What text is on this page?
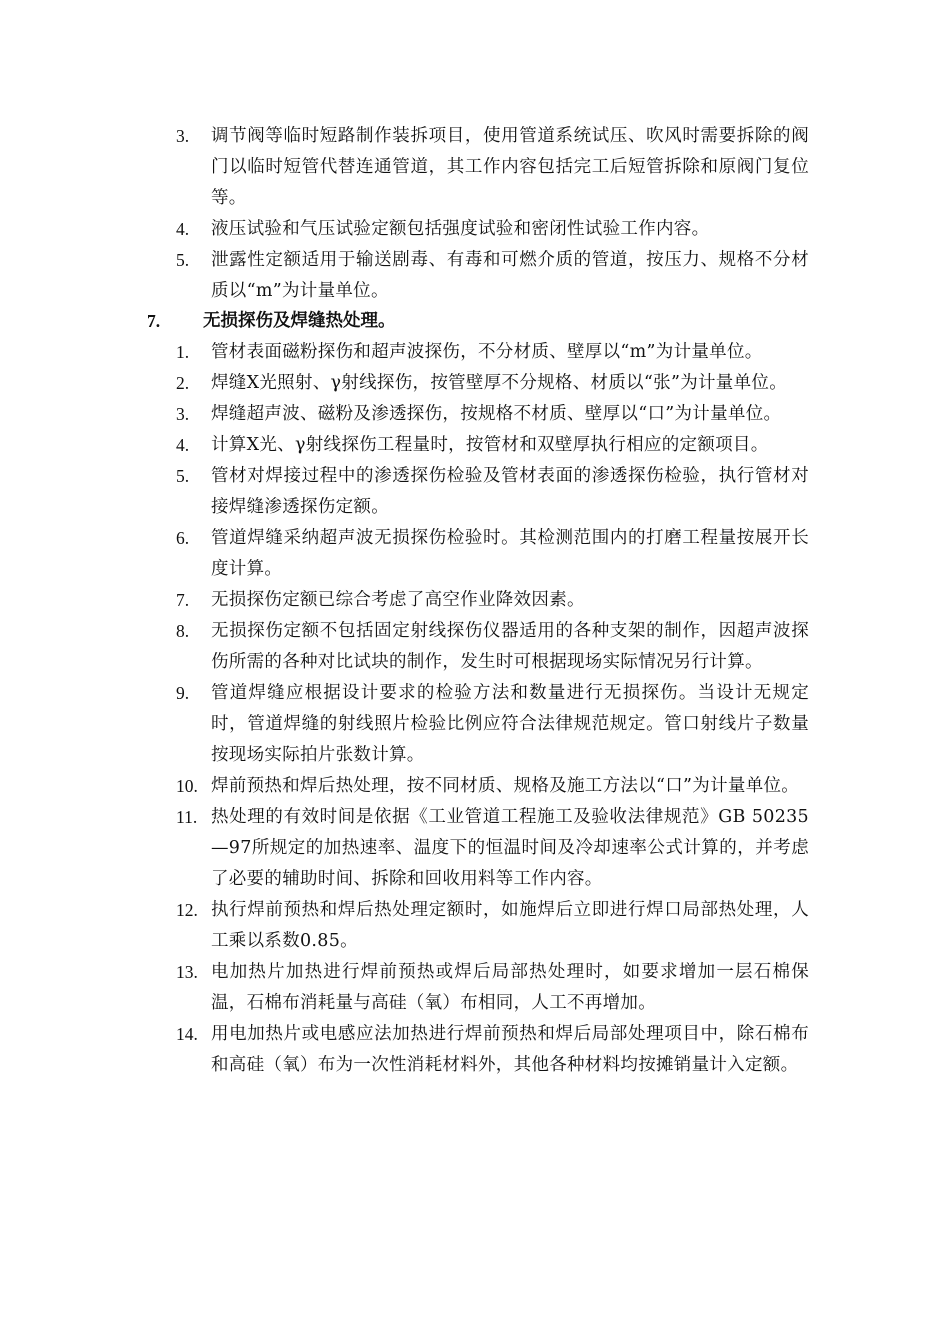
3. 调节阀等临时短路制作装拆项目，使用管道系统试压、吹风时需要拆除的阀门以临时短管代替连通管道，其工作内容包括完工后短管拆除和原阀门复位等。
4. 液压试验和气压试验定额包括强度试验和密闭性试验工作内容。
5. 泄露性定额适用于输送剧毒、有毒和可燃介质的管道，按压力、规格不分材质以“m”为计量单位。
7. 无损探伤及焊缝热处理。
1. 管材表面磁粉探伤和超声波探伤，不分材质、壁厚以“m”为计量单位。
2. 焊缝X光照射、γ射线探伤，按管壁厚不分规格、材质以“张”为计量单位。
3. 焊缝超声波、磁粉及渗透探伤，按规格不材质、壁厚以“口”为计量单位。
4. 计算X光、γ射线探伤工程量时，按管材和双壁厚执行相应的定额项目。
5. 管材对焊接过程中的渗透探伤检验及管材表面的渗透探伤检验，执行管材对接焊缝渗透探伤定额。
6. 管道焊缝采纳超声波无损探伤检验时。其检测范围内的打磨工程量按展开长度计算。
7. 无损探伤定额已综合考虑了高空作业降效因素。
8. 无损探伤定额不包括固定射线探伤仪器适用的各种支架的制作，因超声波探伤所需的各种对比试块的制作，发生时可根据现场实际情况另行计算。
9. 管道焊缝应根据设计要求的检验方法和数量进行无损探伤。当设计无规定时，管道焊缝的射线照片检验比例应符合法律规范规定。管口射线片子数量按现场实际拍片张数计算。
10. 焊前预热和焊后热处理，按不同材质、规格及施工方法以“口”为计量单位。
11. 热处理的有效时间是依据《工业管道工程施工及验收法律规范》GB 50235—97所规定的加热速率、温度下的恒温时间及冷却速率公式计算的，并考虑了必要的辅助时间、拆除和回收用料等工作内容。
12. 执行焊前预热和焊后热处理定额时，如施焊后立即进行焊口局部热处理，人工乘以系数0.85。
13. 电加热片加热进行焊前预热或焊后局部热处理时，如要求增加一层石棉保温，石棉布消耗量与高硅（氧）布相同，人工不再增加。
14. 用电加热片或电感应法加热进行焊前预热和焊后局部处理项目中，除石棉布和高硅（氧）布为一次性消耗材料外，其他各种材料均按摊销量计入定额。
